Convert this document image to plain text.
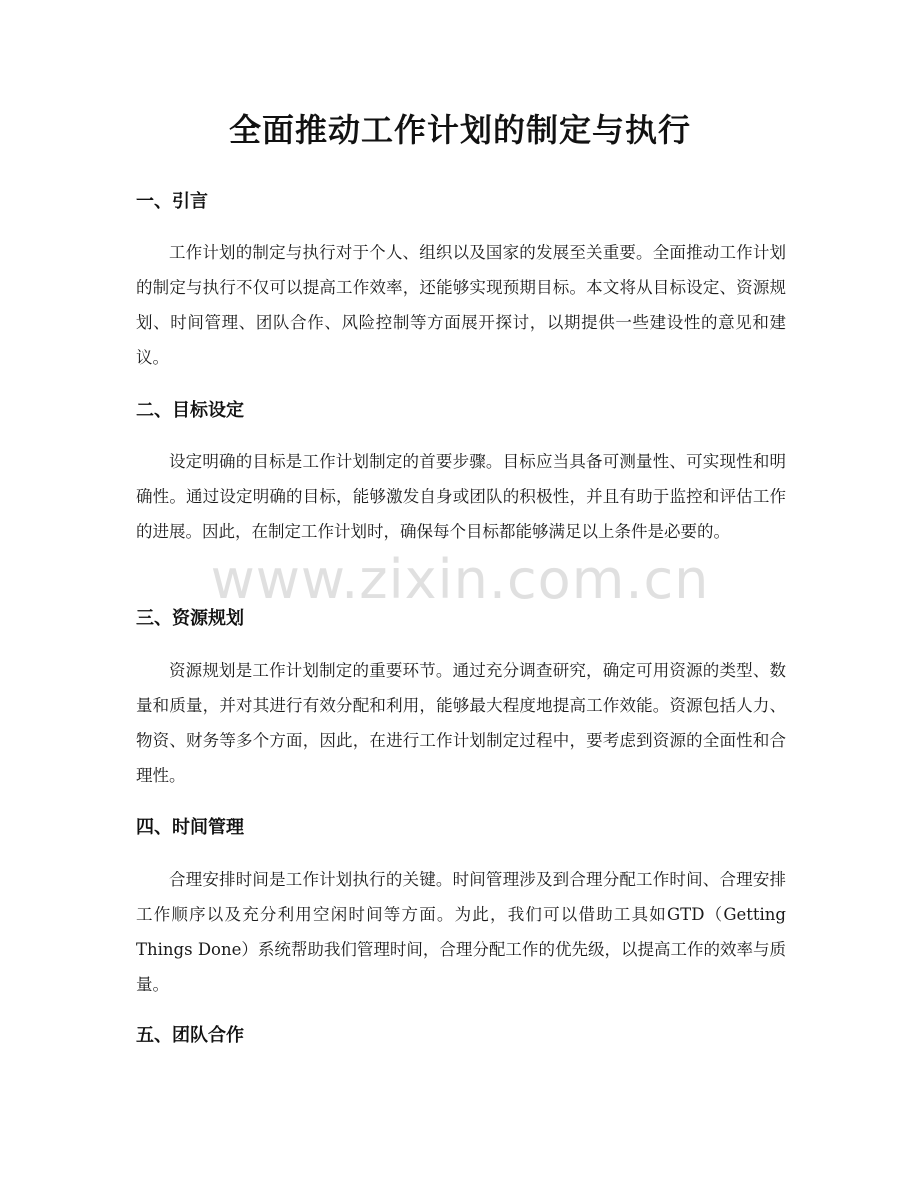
全面推动工作计划的制定与执行
一、引言

工作计划的制定与执行对于个人、组织以及国家的发展至关重要。全面推动工作计划的制定与执行不仅可以提高工作效率，还能够实现预期目标。本文将从目标设定、资源规划、时间管理、团队合作、风险控制等方面展开探讨，以期提供一些建设性的意见和建议。

二、目标设定

设定明确的目标是工作计划制定的首要步骤。目标应当具备可测量性、可实现性和明确性。通过设定明确的目标，能够激发自身或团队的积极性，并且有助于监控和评估工作的进展。因此，在制定工作计划时，确保每个目标都能够满足以上条件是必要的。

三、资源规划

资源规划是工作计划制定的重要环节。通过充分调查研究，确定可用资源的类型、数量和质量，并对其进行有效分配和利用，能够最大程度地提高工作效能。资源包括人力、物资、财务等多个方面，因此，在进行工作计划制定过程中，要考虑到资源的全面性和合理性。

四、时间管理

合理安排时间是工作计划执行的关键。时间管理涉及到合理分配工作时间、合理安排工作顺序以及充分利用空闲时间等方面。为此，我们可以借助工具如GTD（Getting Things Done）系统帮助我们管理时间，合理分配工作的优先级，以提高工作的效率与质量。

五、团队合作
www.zixin.com.cn
